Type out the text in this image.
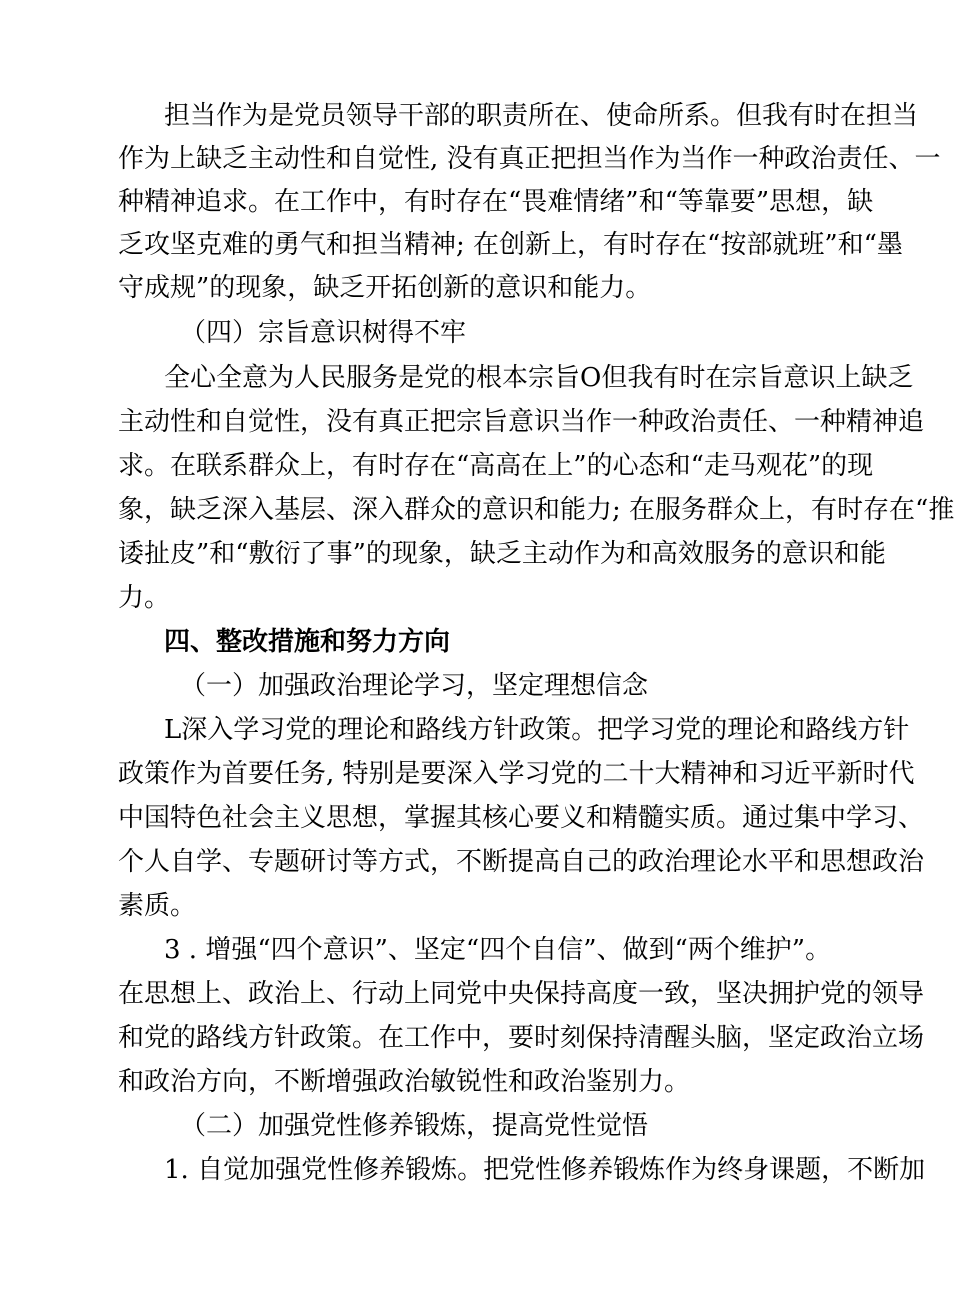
担当作为是党员领导干部的职责所在、使命所系。但我有时在担当
作为上缺乏主动性和自觉性, 没有真正把担当作为当作一种政治责任、一
种精神追求。在工作中，有时存在“畏难情绪”和“等靠要”思想，缺
乏攻坚克难的勇气和担当精神; 在创新上，有时存在“按部就班”和“墨
守成规”的现象，缺乏开拓创新的意识和能力。
（四）宗旨意识树得不牢
全心全意为人民服务是党的根本宗旨O但我有时在宗旨意识上缺乏
主动性和自觉性，没有真正把宗旨意识当作一种政治责任、一种精神追
求。在联系群众上，有时存在“高高在上”的心态和“走马观花”的现
象，缺乏深入基层、深入群众的意识和能力; 在服务群众上，有时存在“推
诿扯皮”和“敷衍了事”的现象，缺乏主动作为和高效服务的意识和能
力。
四、整改措施和努力方向
（一）加强政治理论学习，坚定理想信念
L深入学习党的理论和路线方针政策。把学习党的理论和路线方针
政策作为首要任务, 特别是要深入学习党的二十大精神和习近平新时代
中国特色社会主义思想，掌握其核心要义和精髓实质。通过集中学习、
个人自学、专题研讨等方式，不断提高自己的政治理论水平和思想政治
素质。
3 . 增强“四个意识”、坚定“四个自信”、做到“两个维护”。
在思想上、政治上、行动上同党中央保持高度一致，坚决拥护党的领导
和党的路线方针政策。在工作中，要时刻保持清醒头脑，坚定政治立场
和政治方向，不断增强政治敏锐性和政治鉴别力。
（二）加强党性修养锻炼，提高党性觉悟
1. 自觉加强党性修养锻炼。把党性修养锻炼作为终身课题，不断加
